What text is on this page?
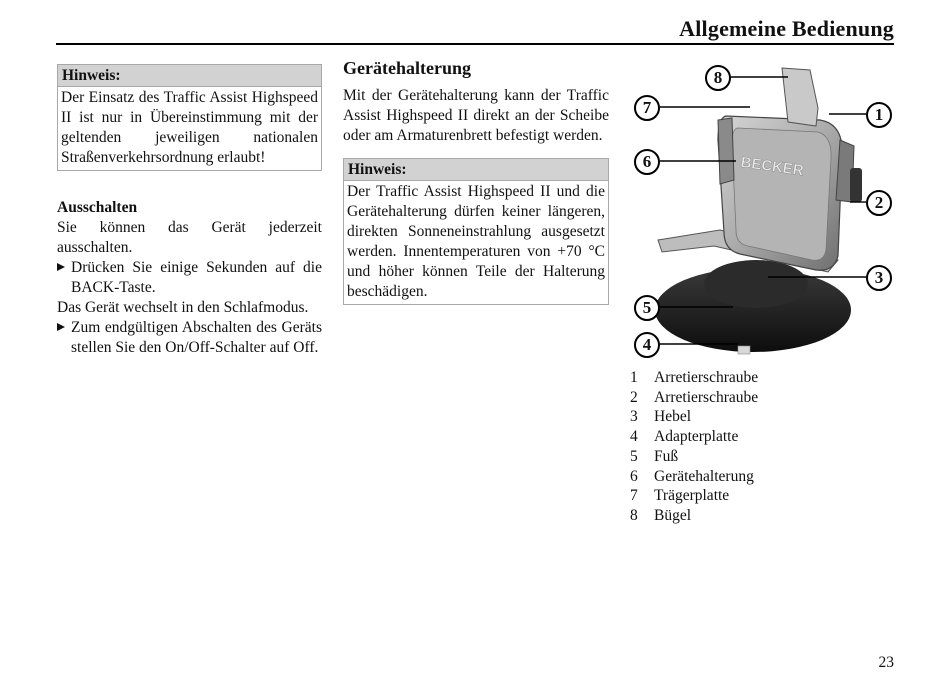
Allgemeine Bedienung
Hinweis:
Der Einsatz des Traffic Assist Highspeed II ist nur in Übereinstimmung mit der geltenden jeweiligen nationalen Straßenverkehrsordnung erlaubt!
Ausschalten

Sie können das Gerät jederzeit ausschalten.

Drücken Sie einige Sekunden auf die BACK-Taste.

Das Gerät wechselt in den Schlafmodus.

Zum endgültigen Abschalten des Geräts stellen Sie den On/Off-Schalter auf Off.
Gerätehalterung

Mit der Gerätehalterung kann der Traffic Assist Highspeed II direkt an der Scheibe oder am Armaturenbrett befestigt werden.

Hinweis:
Der Traffic Assist Highspeed II und die Gerätehalterung dürfen keiner längeren, direkten Sonneneinstrahlung ausgesetzt werden. Innentemperaturen von +70 °C und höher können Teile der Halterung beschädigen.
BECKER
8
7	1
6
2
3
5
4
1	Arretierschraube
2	Arretierschraube
3	Hebel
4	Adapterplatte
5	Fuß
6	Gerätehalterung
7	Trägerplatte
8	Bügel
23
